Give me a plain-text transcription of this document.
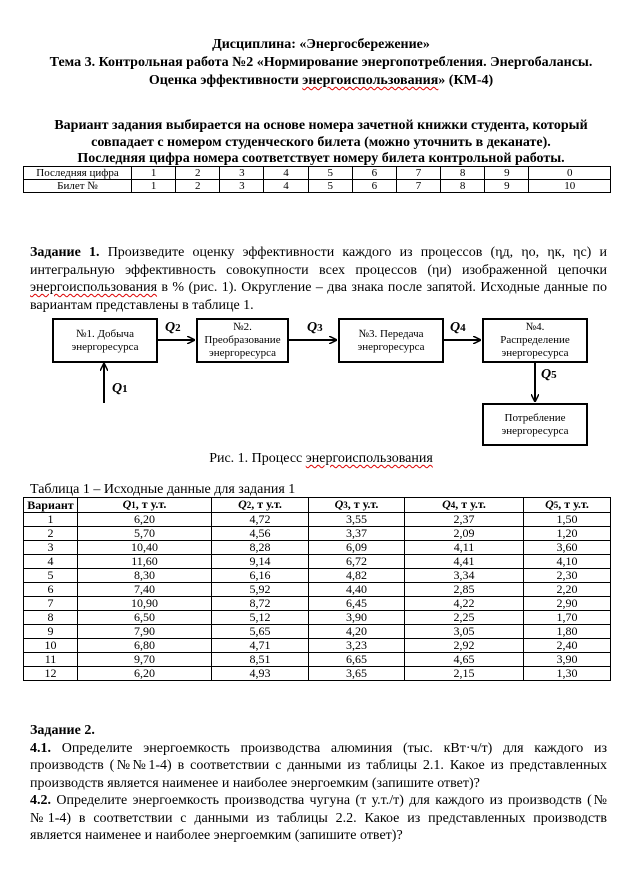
Дисциплина: «Энергосбережение»
Тема 3. Контрольная работа №2 «Нормирование энергопотребления. Энергобалансы.
Оценка эффективности энергоиспользования» (КМ-4)
Вариант задания выбирается на основе номера зачетной книжки студента, который
совпадает с номером студенческого билета (можно уточнить в деканате).
Последняя цифра номера соответствует номеру билета контрольной работы.
Последняя цифра	1	2	3	4	5	6	7	8	9	0
Билет №	1	2	3	4	5	6	7	8	9	10

Задание 1. Произведите оценку эффективности каждого из процессов (ηд, ηо, ηк, ηс) и интегральную эффективность совокупности всех процессов (ηи) изображенной цепочки энергоиспользования в % (рис. 1). Округление – два знака после запятой. Исходные данные по вариантам представлены в таблице 1.

№1. Добыча
энергоресурса
№2.
Преобразование
энергоресурса
№3. Передача
энергоресурса
№4.
Распределение
энергоресурса
Потребление
энергоресурса
Q1
Q2	Q3	Q4
Q5
Рис. 1. Процесс энергоиспользования
Таблица 1 – Исходные данные для задания 1
Вариант	Q1, т у.т.	Q2, т у.т.	Q3, т у.т.	Q4, т у.т.	Q5, т у.т.
1	6,20	4,72	3,55	2,37	1,50
2	5,70	4,56	3,37	2,09	1,20
3	10,40	8,28	6,09	4,11	3,60
4	11,60	9,14	6,72	4,41	4,10
5	8,30	6,16	4,82	3,34	2,30
6	7,40	5,92	4,40	2,85	2,20
7	10,90	8,72	6,45	4,22	2,90
8	6,50	5,12	3,90	2,25	1,70
9	7,90	5,65	4,20	3,05	1,80
10	6,80	4,71	3,23	2,92	2,40
11	9,70	8,51	6,65	4,65	3,90
12	6,20	4,93	3,65	2,15	1,30

Задание 2.

4.1. Определите энергоемкость производства алюминия (тыс. кВт·ч/т) для каждого из производств (№№1-4) в соответствии с данными из таблицы 2.1. Какое из представленных производств является наименее и наиболее энергоемким (запишите ответ)?

4.2. Определите энергоемкость производства чугуна (т у.т./т) для каждого из производств (№№1-4) в соответствии с данными из таблицы 2.2. Какое из представленных производств является наименее и наиболее энергоемким (запишите ответ)?
